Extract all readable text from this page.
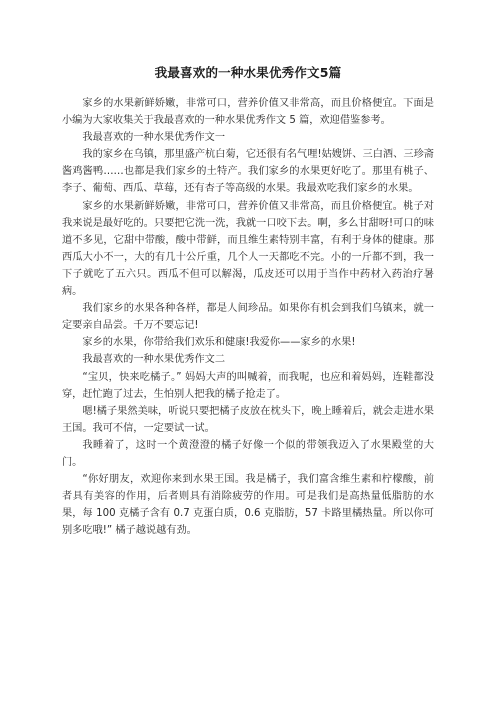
我最喜欢的一种水果优秀作文5篇

家乡的水果新鲜娇嫩，非常可口，营养价值又非常高，而且价格便宜。下面是小编为大家收集关于我最喜欢的一种水果优秀作文 5 篇，欢迎借鉴参考。

我最喜欢的一种水果优秀作文一

我的家乡在乌镇，那里盛产杭白菊，它还很有名气哩!姑嫂饼、三白酒、三珍斋酱鸡酱鸭……也都是我们家乡的土特产。我们家乡的水果更好吃了。那里有桃子、李子、葡萄、西瓜、草莓，还有杏子等高级的水果。我最欢吃我们家乡的水果。

家乡的水果新鲜娇嫩，非常可口，营养价值又非常高，而且价格便宜。桃子对我来说是最好吃的。只要把它洗一洗，我就一口咬下去。啊，多么甘甜呀!可口的味道不多见，它甜中带酸，酸中带鲜，而且维生素特别丰富，有利于身体的健康。那西瓜大小不一，大的有几十公斤重，几个人一天都吃不完。小的一斤都不到，我一下子就吃了五六只。西瓜不但可以解渴，瓜皮还可以用于当作中药材入药治疗暑病。

我们家乡的水果各种各样，都是人间珍品。如果你有机会到我们乌镇来，就一定要亲自品尝。千万不要忘记!

家乡的水果，你带给我们欢乐和健康!我爱你——家乡的水果!

我最喜欢的一种水果优秀作文二

“宝贝，快来吃橘子。” 妈妈大声的叫喊着，而我呢，也应和着妈妈，连鞋都没穿，赶忙跑了过去，生怕别人把我的橘子抢走了。

嗯!橘子果然美味，听说只要把橘子皮放在枕头下，晚上睡着后，就会走进水果王国。我可不信，一定要试一试。

我睡着了，这时一个黄澄澄的橘子好像一个似的带领我迈入了水果殿堂的大门。

“你好朋友，欢迎你来到水果王国。我是橘子，我们富含维生素和柠檬酸，前者具有美容的作用，后者则具有消除疲劳的作用。可是我们是高热量低脂肪的水果，每 100 克橘子含有 0.7 克蛋白质，0.6 克脂肪，57 卡路里橘热量。所以你可别多吃哦!” 橘子越说越有劲。
